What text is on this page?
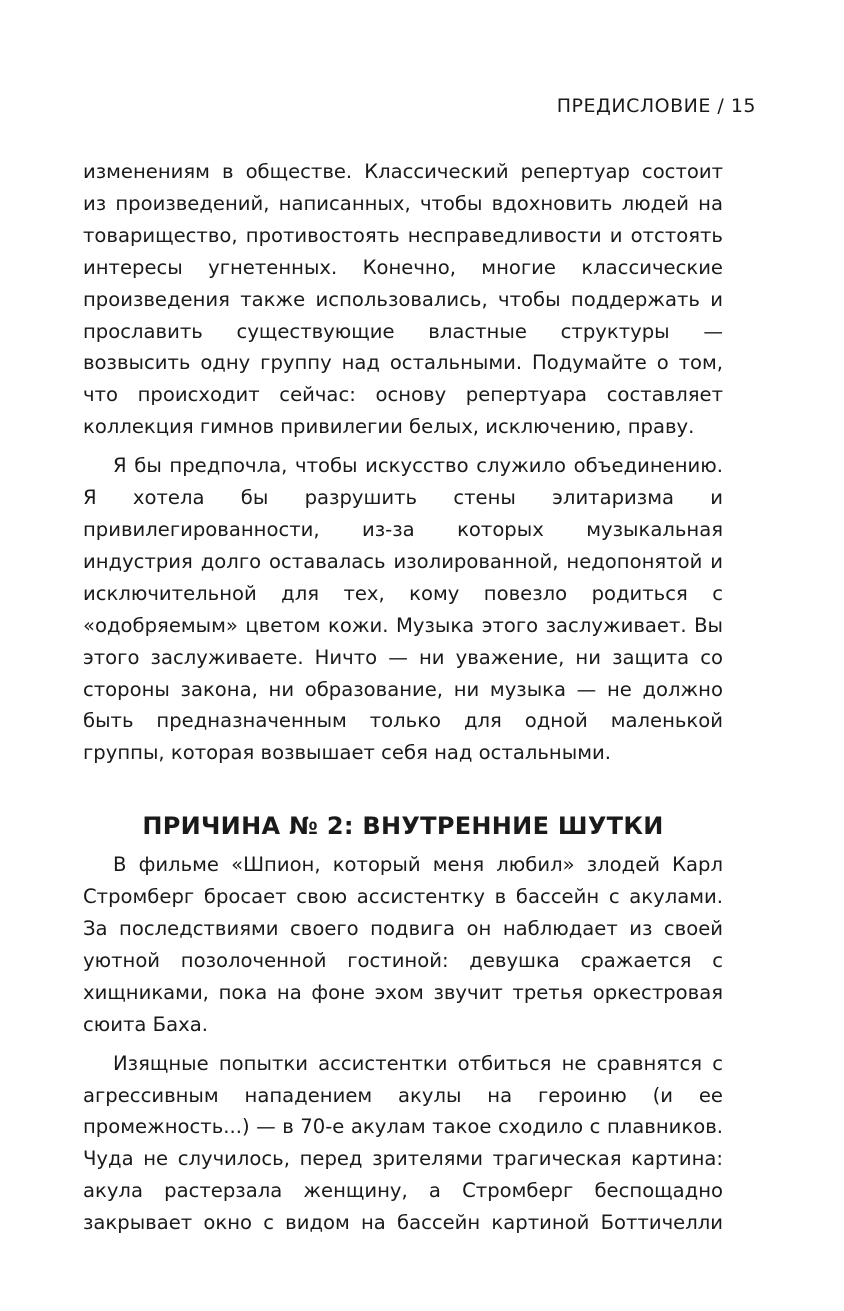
ПРЕДИСЛОВИЕ / 15

изменениям в обществе. Классический репертуар состоит из произведений, написанных, чтобы вдохновить людей на товарищество, противостоять несправедливости и отстоять интересы угнетенных. Конечно, многие классические произведения также использовались, чтобы поддержать и прославить существующие властные структуры — возвысить одну группу над остальными. Подумайте о том, что происходит сейчас: основу репертуара составляет коллекция гимнов привилегии белых, исключению, праву.

Я бы предпочла, чтобы искусство служило объединению. Я хотела бы разрушить стены элитаризма и привилегированности, из-за которых музыкальная индустрия долго оставалась изолированной, недопонятой и исключительной для тех, кому повезло родиться с «одобряемым» цветом кожи. Музыка этого заслуживает. Вы этого заслуживаете. Ничто — ни уважение, ни защита со стороны закона, ни образование, ни музыка — не должно быть предназначенным только для одной маленькой группы, которая возвышает себя над остальными.

ПРИЧИНА № 2: ВНУТРЕННИЕ ШУТКИ

В фильме «Шпион, который меня любил» злодей Карл Стромберг бросает свою ассистентку в бассейн с акулами. За последствиями своего подвига он наблюдает из своей уютной позолоченной гостиной: девушка сражается с хищниками, пока на фоне эхом звучит третья оркестровая сюита Баха.

Изящные попытки ассистентки отбиться не сравнятся с агрессивным нападением акулы на героиню (и ее промежность...) — в 70-е акулам такое сходило с плавников. Чуда не случилось, перед зрителями трагическая картина: акула растерзала женщину, а Стромберг беспощадно закрывает окно с видом на бассейн картиной Боттичелли
